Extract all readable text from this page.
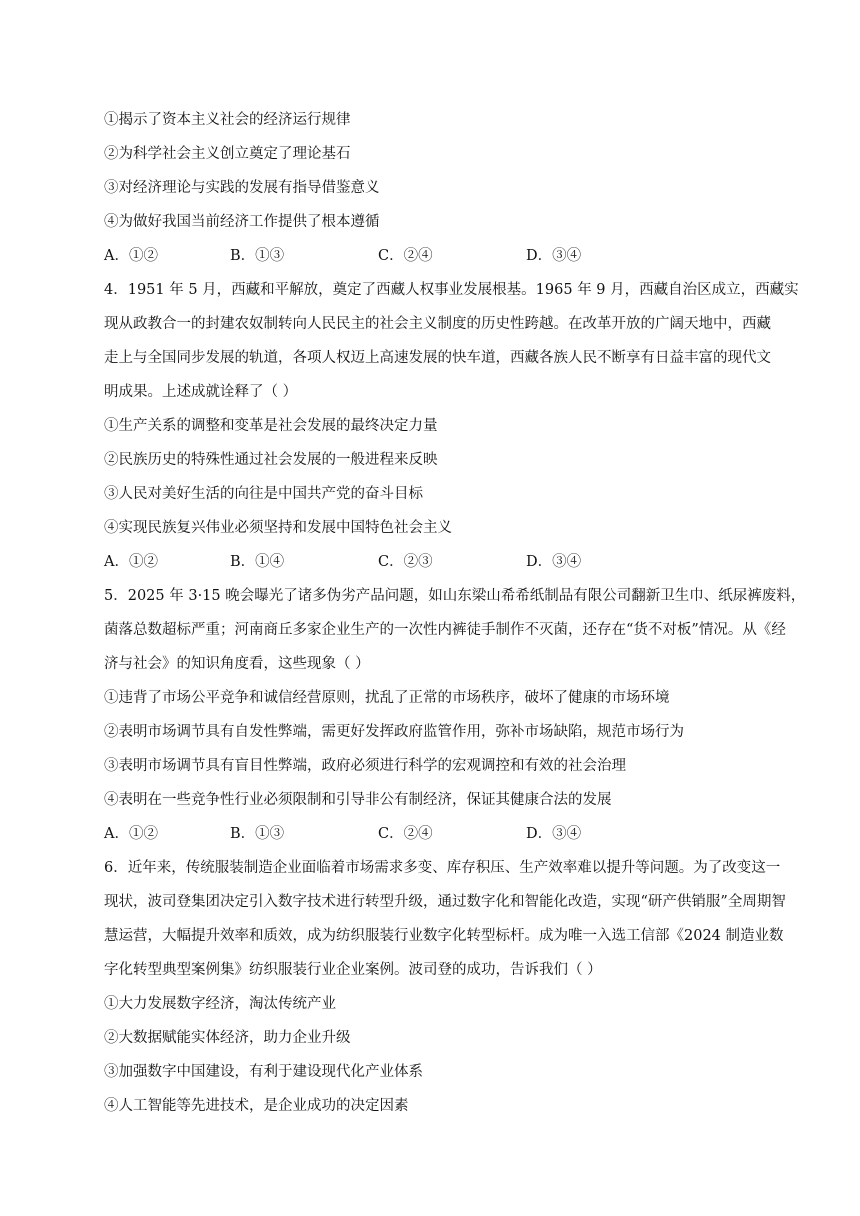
①揭示了资本主义社会的经济运行规律
②为科学社会主义创立奠定了理论基石
③对经济理论与实践的发展有指导借鉴意义
④为做好我国当前经济工作提供了根本遵循
A．①②	B．①③	C．②④	D．③④
4．1951 年 5 月，西藏和平解放，奠定了西藏人权事业发展根基。1965 年 9 月，西藏自治区成立，西藏实
现从政教合一的封建农奴制转向人民民主的社会主义制度的历史性跨越。在改革开放的广阔天地中，西藏
走上与全国同步发展的轨道，各项人权迈上高速发展的快车道，西藏各族人民不断享有日益丰富的现代文
明成果。上述成就诠释了（ ）
①生产关系的调整和变革是社会发展的最终决定力量
②民族历史的特殊性通过社会发展的一般进程来反映
③人民对美好生活的向往是中国共产党的奋斗目标
④实现民族复兴伟业必须坚持和发展中国特色社会主义
A．①②	B．①④	C．②③	D．③④
5．2025 年 3·15 晚会曝光了诸多伪劣产品问题，如山东梁山希希纸制品有限公司翻新卫生巾、纸尿裤废料，
菌落总数超标严重；河南商丘多家企业生产的一次性内裤徒手制作不灭菌，还存在“货不对板”情况。从《经
济与社会》的知识角度看，这些现象（ ）
①违背了市场公平竞争和诚信经营原则，扰乱了正常的市场秩序，破坏了健康的市场环境
②表明市场调节具有自发性弊端，需更好发挥政府监管作用，弥补市场缺陷，规范市场行为
③表明市场调节具有盲目性弊端，政府必须进行科学的宏观调控和有效的社会治理
④表明在一些竞争性行业必须限制和引导非公有制经济，保证其健康合法的发展
A．①②	B．①③	C．②④	D．③④
6．近年来，传统服装制造企业面临着市场需求多变、库存积压、生产效率难以提升等问题。为了改变这一
现状，波司登集团决定引入数字技术进行转型升级，通过数字化和智能化改造，实现“研产供销服”全周期智
慧运营，大幅提升效率和质效，成为纺织服装行业数字化转型标杆。成为唯一入选工信部《2024 制造业数
字化转型典型案例集》纺织服装行业企业案例。波司登的成功，告诉我们（ ）
①大力发展数字经济，淘汰传统产业
②大数据赋能实体经济，助力企业升级
③加强数字中国建设，有利于建设现代化产业体系
④人工智能等先进技术，是企业成功的决定因素
